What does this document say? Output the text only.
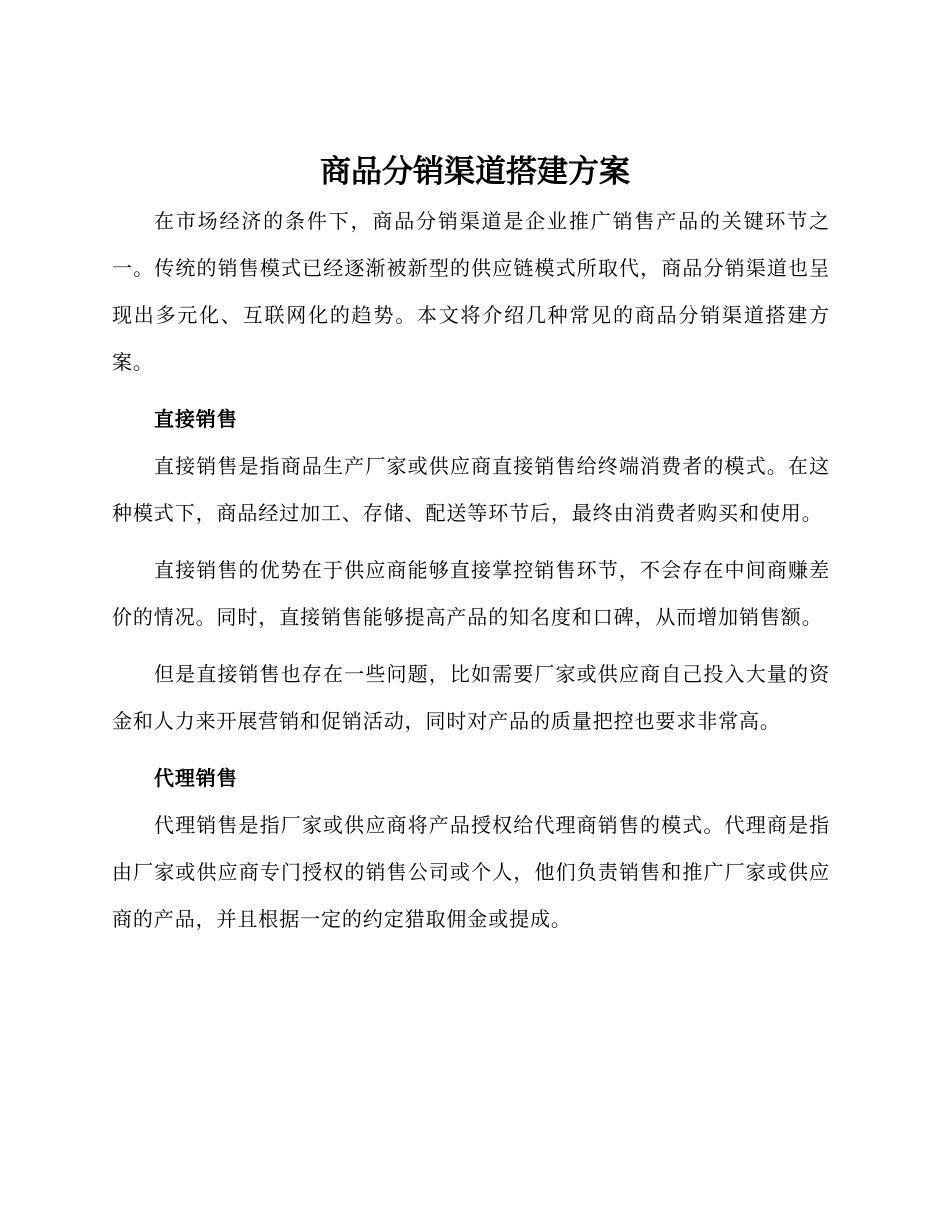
商品分销渠道搭建方案

在市场经济的条件下，商品分销渠道是企业推广销售产品的关键环节之一。传统的销售模式已经逐渐被新型的供应链模式所取代，商品分销渠道也呈现出多元化、互联网化的趋势。本文将介绍几种常见的商品分销渠道搭建方案。

直接销售

直接销售是指商品生产厂家或供应商直接销售给终端消费者的模式。在这种模式下，商品经过加工、存储、配送等环节后，最终由消费者购买和使用。

直接销售的优势在于供应商能够直接掌控销售环节，不会存在中间商赚差价的情况。同时，直接销售能够提高产品的知名度和口碑，从而增加销售额。

但是直接销售也存在一些问题，比如需要厂家或供应商自己投入大量的资金和人力来开展营销和促销活动，同时对产品的质量把控也要求非常高。

代理销售

代理销售是指厂家或供应商将产品授权给代理商销售的模式。代理商是指由厂家或供应商专门授权的销售公司或个人，他们负责销售和推广厂家或供应商的产品，并且根据一定的约定猎取佣金或提成。
